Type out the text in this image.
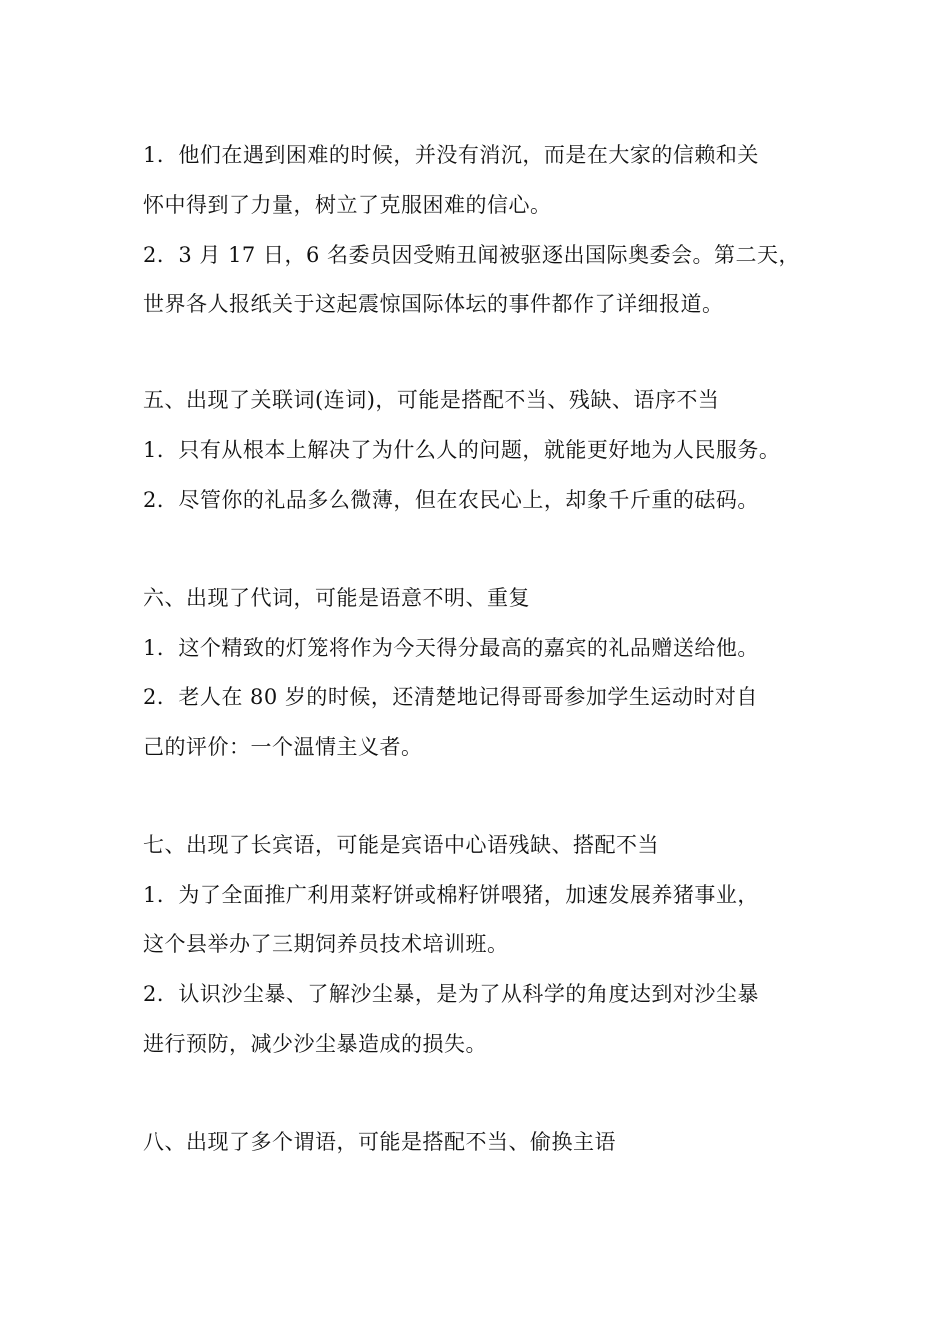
1．他们在遇到困难的时候，并没有消沉，而是在大家的信赖和关
怀中得到了力量，树立了克服困难的信心。
2．3 月 17 日，6 名委员因受贿丑闻被驱逐出国际奥委会。第二天，
世界各人报纸关于这起震惊国际体坛的事件都作了详细报道。
五、出现了关联词(连词)，可能是搭配不当、残缺、语序不当
1．只有从根本上解决了为什么人的问题，就能更好地为人民服务。
2．尽管你的礼品多么微薄，但在农民心上，却象千斤重的砝码。
六、出现了代词，可能是语意不明、重复
1．这个精致的灯笼将作为今天得分最高的嘉宾的礼品赠送给他。
2．老人在 80 岁的时候，还清楚地记得哥哥参加学生运动时对自
己的评价：一个温情主义者。
七、出现了长宾语，可能是宾语中心语残缺、搭配不当
1．为了全面推广利用菜籽饼或棉籽饼喂猪，加速发展养猪事业，
这个县举办了三期饲养员技术培训班。
2．认识沙尘暴、了解沙尘暴，是为了从科学的角度达到对沙尘暴
进行预防，减少沙尘暴造成的损失。
八、出现了多个谓语，可能是搭配不当、偷换主语
